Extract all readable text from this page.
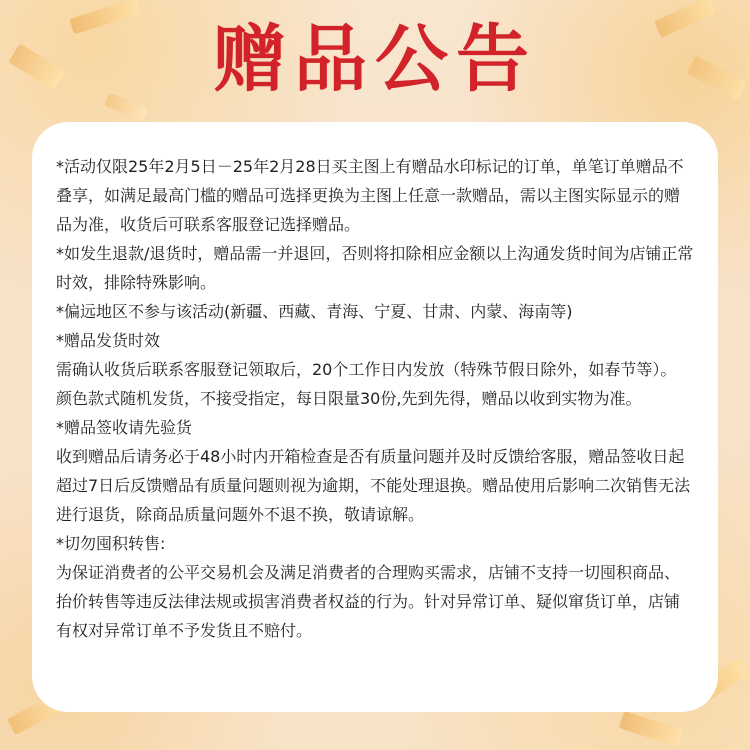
赠品公告

*活动仅限25年2月5日－25年2月28日买主图上有赠品水印标记的订单，单笔订单赠品不叠享，如满足最高门槛的赠品可选择更换为主图上任意一款赠品，需以主图实际显示的赠品为准，收货后可联系客服登记选择赠品。

*如发生退款/退货时，赠品需一并退回，否则将扣除相应金额以上沟通发货时间为店铺正常时效，排除特殊影响。

*偏远地区不参与该活动(新疆、西藏、青海、宁夏、甘肃、内蒙、海南等)

*赠品发货时效

需确认收货后联系客服登记领取后，20个工作日内发放（特殊节假日除外，如春节等）。

颜色款式随机发货，不接受指定，每日限量30份,先到先得，赠品以收到实物为准。

*赠品签收请先验货

收到赠品后请务必于48小时内开箱检查是否有质量问题并及时反馈给客服，赠品签收日起超过7日后反馈赠品有质量问题则视为逾期，不能处理退换。赠品使用后影响二次销售无法进行退货，除商品质量问题外不退不换，敬请谅解。

*切勿囤积转售:

为保证消费者的公平交易机会及满足消费者的合理购买需求，店铺不支持一切囤积商品、抬价转售等违反法律法规或损害消费者权益的行为。针对异常订单、疑似窜货订单，店铺有权对异常订单不予发货且不赔付。
